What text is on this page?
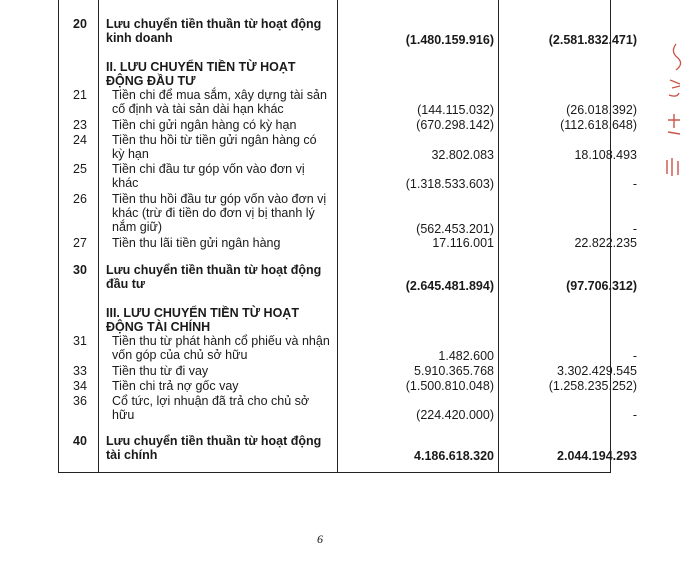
20	Lưu chuyển tiền thuần từ hoạt động kinh doanh	(1.480.159.916)	(2.581.832.471)
II. LƯU CHUYỂN TIỀN TỪ HOẠT ĐỘNG ĐẦU TƯ
21	Tiền chi để mua sắm, xây dựng tài sản cố định và tài sản dài hạn khác	(144.115.032)	(26.018.392)
23	Tiền chi gửi ngân hàng có kỳ hạn	(670.298.142)	(112.618.648)
24	Tiền thu hồi từ tiền gửi ngân hàng có kỳ hạn	32.802.083	18.108.493
25	Tiền chi đầu tư góp vốn vào đơn vị khác	(1.318.533.603)	-
26	Tiền thu hồi đầu tư góp vốn vào đơn vị khác (trừ đi tiền do đơn vị bị thanh lý nắm giữ)	(562.453.201)	-
27	Tiền thu lãi tiền gửi ngân hàng	17.116.001	22.822.235
30	Lưu chuyển tiền thuần từ hoạt động đầu tư	(2.645.481.894)	(97.706.312)
III. LƯU CHUYỂN TIỀN TỪ HOẠT ĐỘNG TÀI CHÍNH
31	Tiền thu từ phát hành cổ phiếu và nhận vốn góp của chủ sở hữu	1.482.600	-
33	Tiền thu từ đi vay	5.910.365.768	3.302.429.545
34	Tiền chi trả nợ gốc vay	(1.500.810.048)	(1.258.235.252)
36	Cổ tức, lợi nhuận đã trả cho chủ sở hữu	(224.420.000)	-
40	Lưu chuyển tiền thuần từ hoạt động tài chính	4.186.618.320	2.044.194.293
6
